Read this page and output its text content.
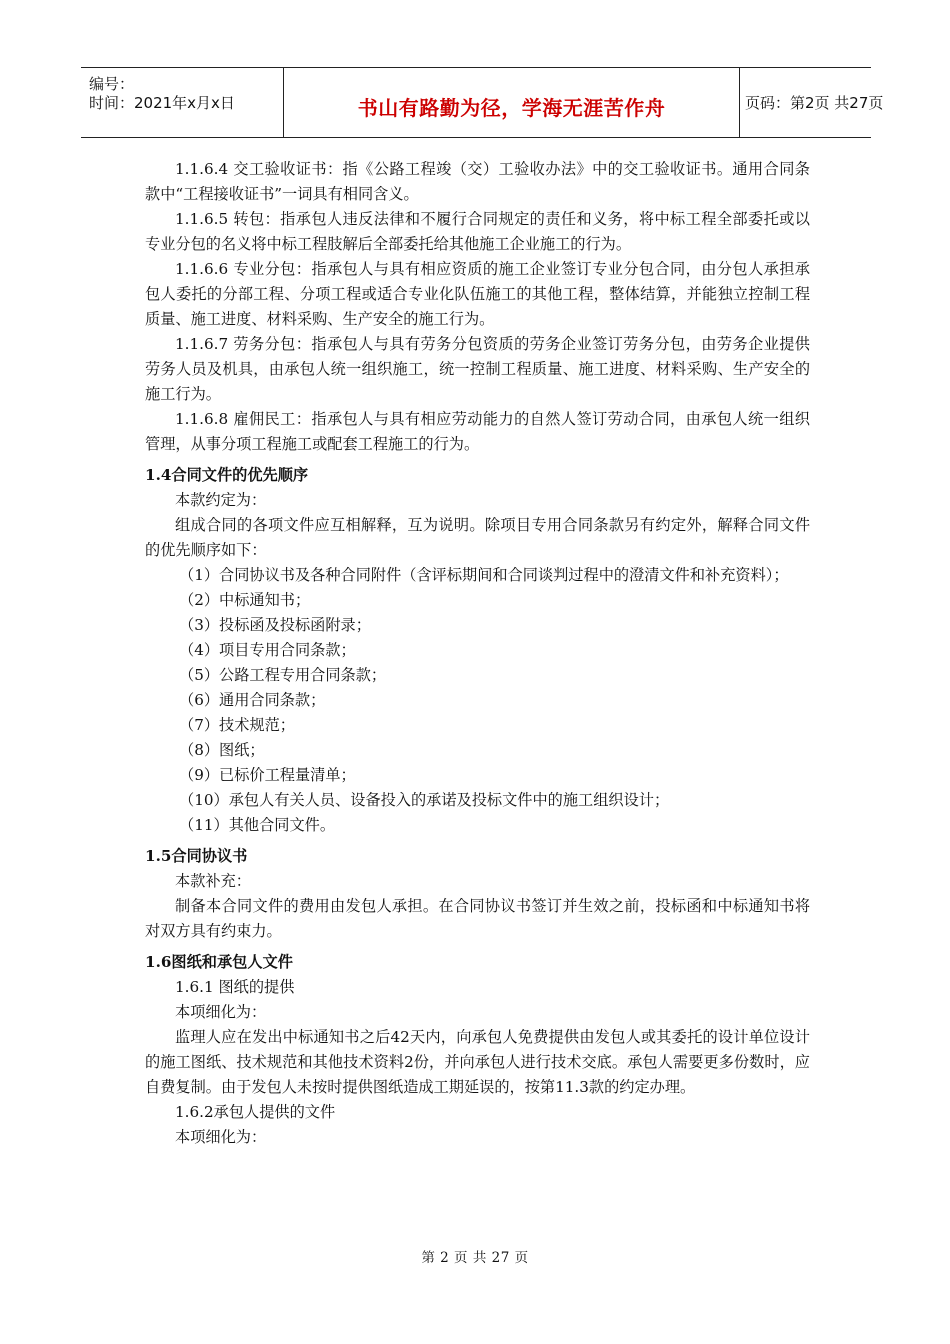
编号：
时间：2021年x月x日	书山有路勤为径，学海无涯苦作舟	页码：第2页 共27页

1.1.6.4 交工验收证书：指《公路工程竣（交）工验收办法》中的交工验收证书。通用合同条款中“工程接收证书”一词具有相同含义。

1.1.6.5 转包：指承包人违反法律和不履行合同规定的责任和义务，将中标工程全部委托或以专业分包的名义将中标工程肢解后全部委托给其他施工企业施工的行为。

1.1.6.6 专业分包：指承包人与具有相应资质的施工企业签订专业分包合同，由分包人承担承包人委托的分部工程、分项工程或适合专业化队伍施工的其他工程，整体结算，并能独立控制工程质量、施工进度、材料采购、生产安全的施工行为。

1.1.6.7 劳务分包：指承包人与具有劳务分包资质的劳务企业签订劳务分包，由劳务企业提供劳务人员及机具，由承包人统一组织施工，统一控制工程质量、施工进度、材料采购、生产安全的施工行为。

1.1.6.8 雇佣民工：指承包人与具有相应劳动能力的自然人签订劳动合同，由承包人统一组织管理，从事分项工程施工或配套工程施工的行为。

1.4合同文件的优先顺序

本款约定为：

组成合同的各项文件应互相解释，互为说明。除项目专用合同条款另有约定外，解释合同文件的优先顺序如下：

（1）合同协议书及各种合同附件（含评标期间和合同谈判过程中的澄清文件和补充资料）；

（2）中标通知书；

（3）投标函及投标函附录；

（4）项目专用合同条款；

（5）公路工程专用合同条款；

（6）通用合同条款；

（7）技术规范；

（8）图纸；

（9）已标价工程量清单；

（10）承包人有关人员、设备投入的承诺及投标文件中的施工组织设计；

（11）其他合同文件。

1.5合同协议书

本款补充：

制备本合同文件的费用由发包人承担。在合同协议书签订并生效之前，投标函和中标通知书将对双方具有约束力。

1.6图纸和承包人文件

1.6.1 图纸的提供

本项细化为：

监理人应在发出中标通知书之后42天内，向承包人免费提供由发包人或其委托的设计单位设计的施工图纸、技术规范和其他技术资料2份，并向承包人进行技术交底。承包人需要更多份数时，应自费复制。由于发包人未按时提供图纸造成工期延误的，按第11.3款的约定办理。

1.6.2承包人提供的文件

本项细化为：

第 2 页 共 27 页
